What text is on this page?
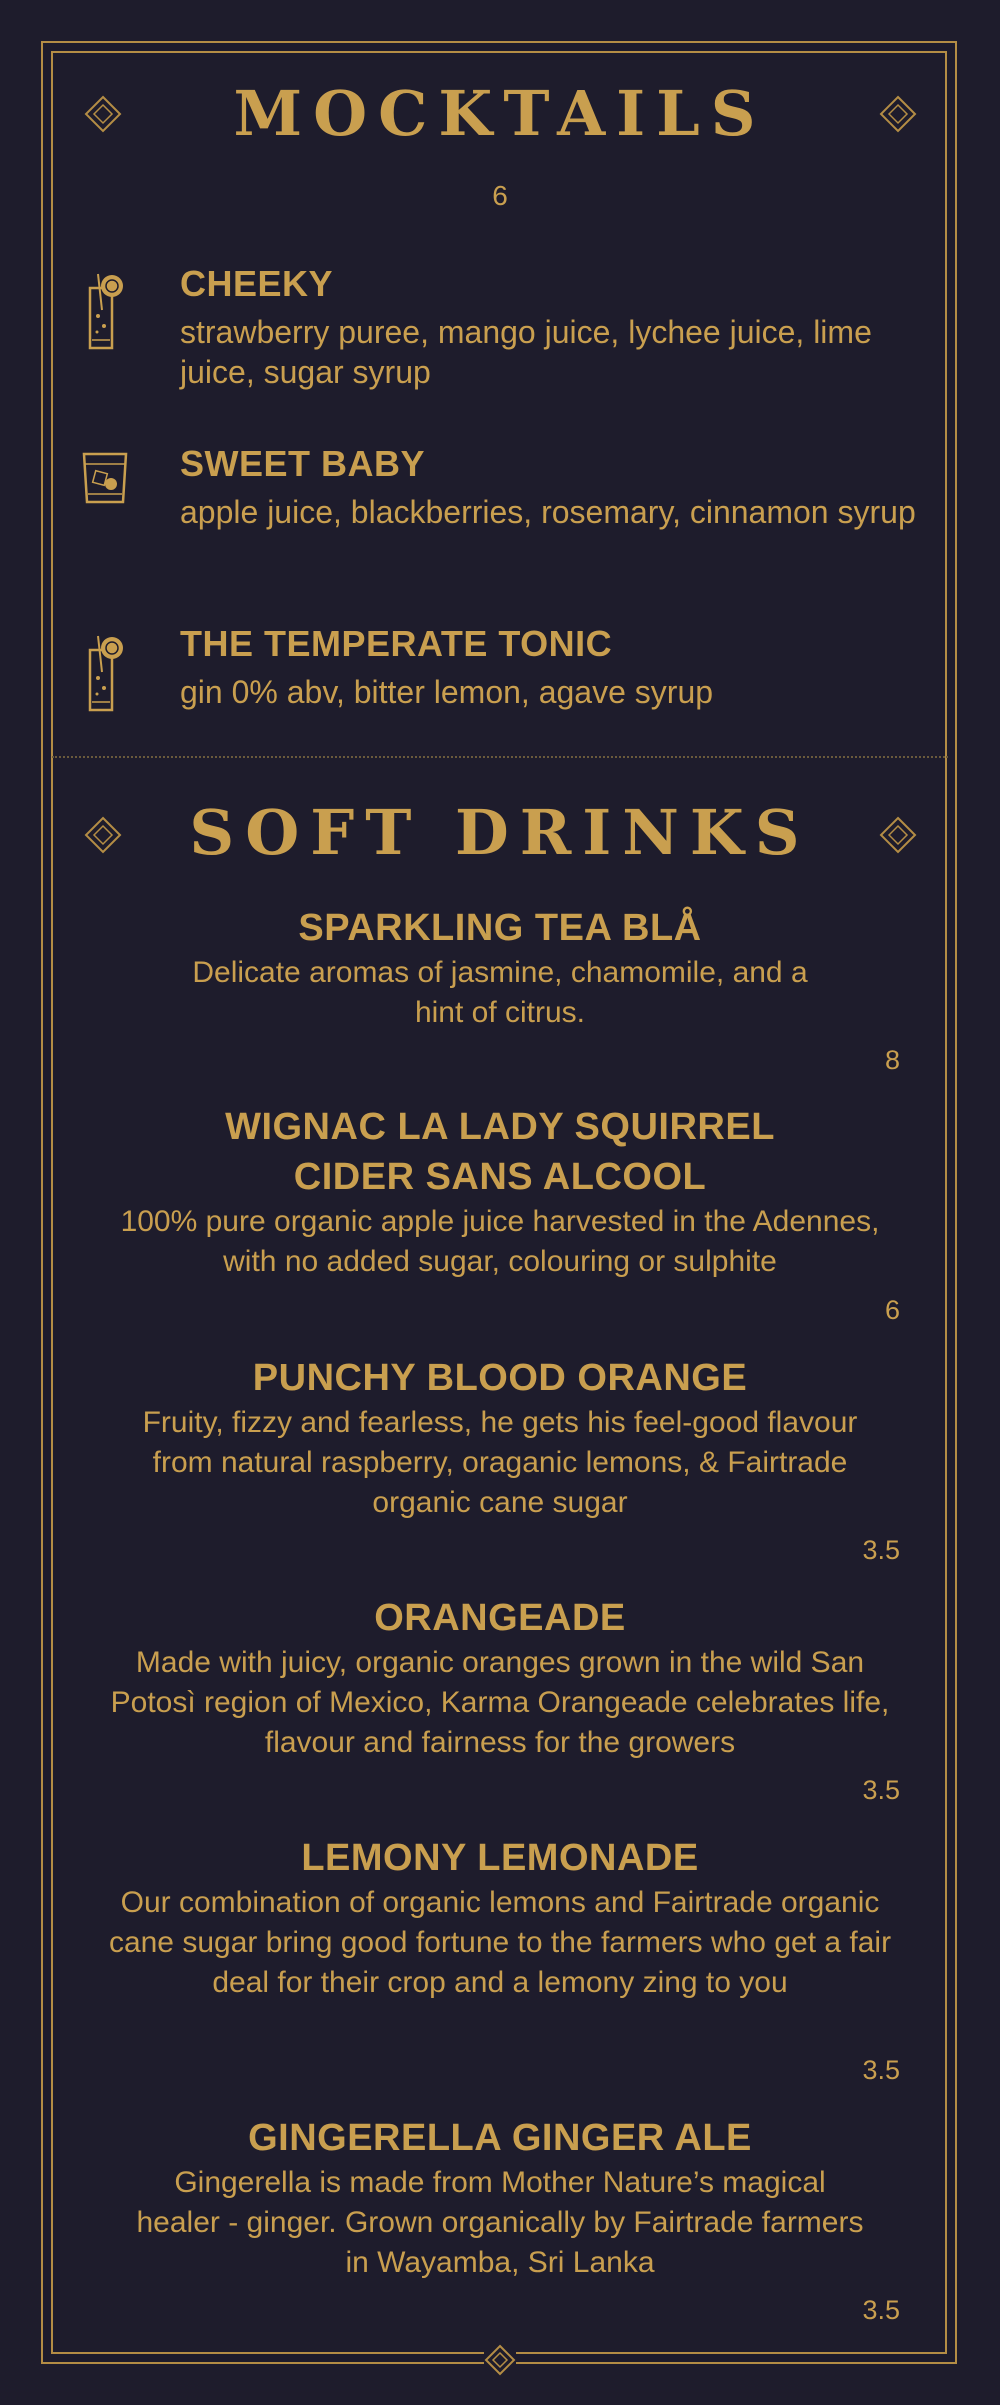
MOCKTAILS
6
CHEEKY
strawberry puree, mango juice, lychee juice, lime juice, sugar syrup
SWEET BABY
apple juice, blackberries, rosemary, cinnamon syrup
THE TEMPERATE TONIC
gin 0% abv, bitter lemon, agave syrup
SOFT DRINKS
SPARKLING TEA BLÅ
Delicate aromas of jasmine, chamomile, and a hint of citrus.
8
WIGNAC LA LADY SQUIRREL CIDER SANS ALCOOL
100% pure organic apple juice harvested in the Adennes, with no added sugar, colouring or sulphite
6
PUNCHY BLOOD ORANGE
Fruity, fizzy and fearless, he gets his feel-good flavour from natural raspberry, oraganic lemons, & Fairtrade organic cane sugar
3.5
ORANGEADE
Made with juicy, organic oranges grown in the wild San Potosì region of Mexico, Karma Orangeade celebrates life, flavour and fairness for the growers
3.5
LEMONY LEMONADE
Our combination of organic lemons and Fairtrade organic cane sugar bring good fortune to the farmers who get a fair deal for their crop and a lemony zing to you
3.5
GINGERELLA GINGER ALE
Gingerella is made from Mother Nature’s magical healer - ginger. Grown organically by Fairtrade farmers in Wayamba, Sri Lanka
3.5
